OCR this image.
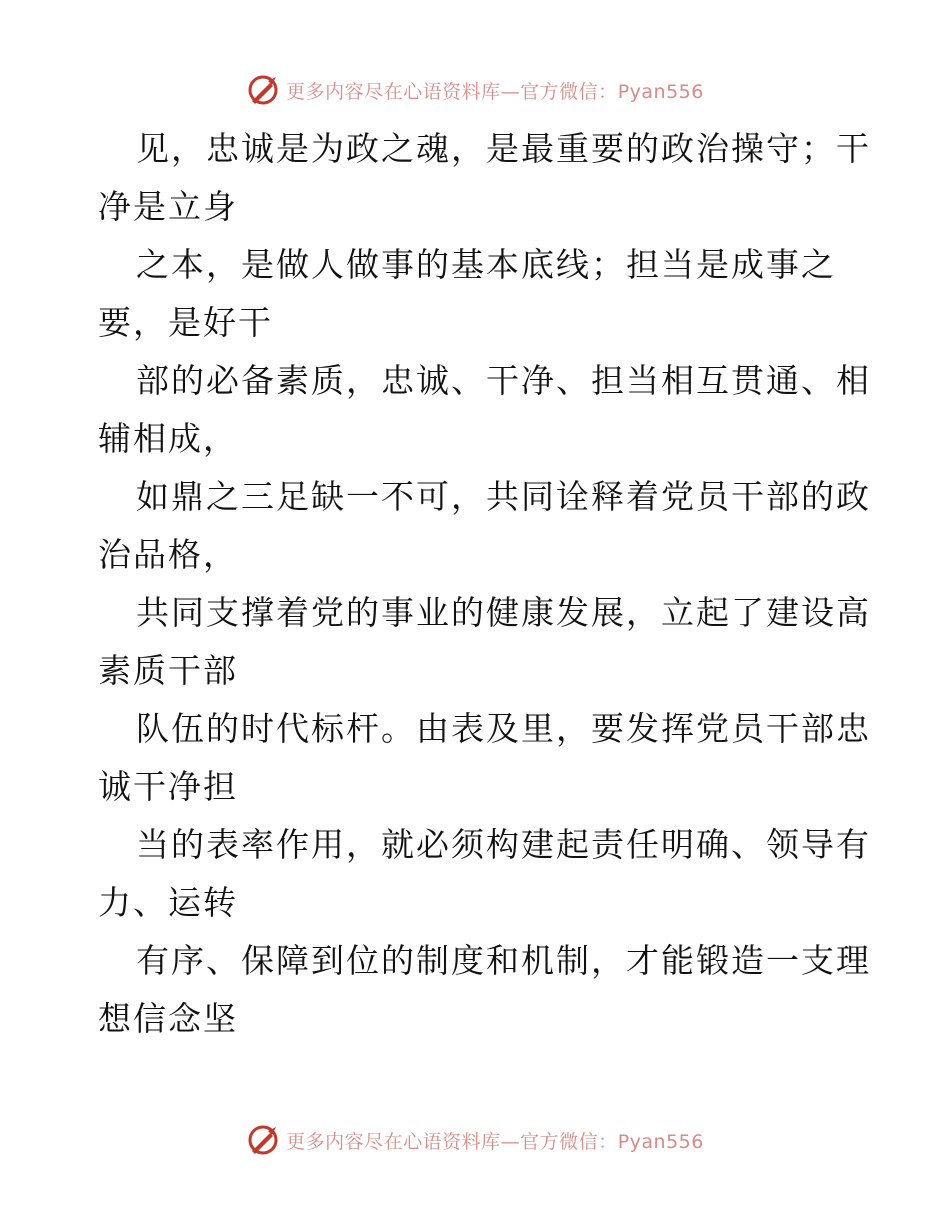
更多内容尽在心语资料库—官方微信：Pyan556
见，忠诚是为政之魂，是最重要的政治操守；干
净是立身
之本，是做人做事的基本底线；担当是成事之
要，是好干
部的必备素质，忠诚、干净、担当相互贯通、相
辅相成，
如鼎之三足缺一不可，共同诠释着党员干部的政
治品格，
共同支撑着党的事业的健康发展，立起了建设高
素质干部
队伍的时代标杆。由表及里，要发挥党员干部忠
诚干净担
当的表率作用，就必须构建起责任明确、领导有
力、运转
有序、保障到位的制度和机制，才能锻造一支理
想信念坚
更多内容尽在心语资料库—官方微信：Pyan556
